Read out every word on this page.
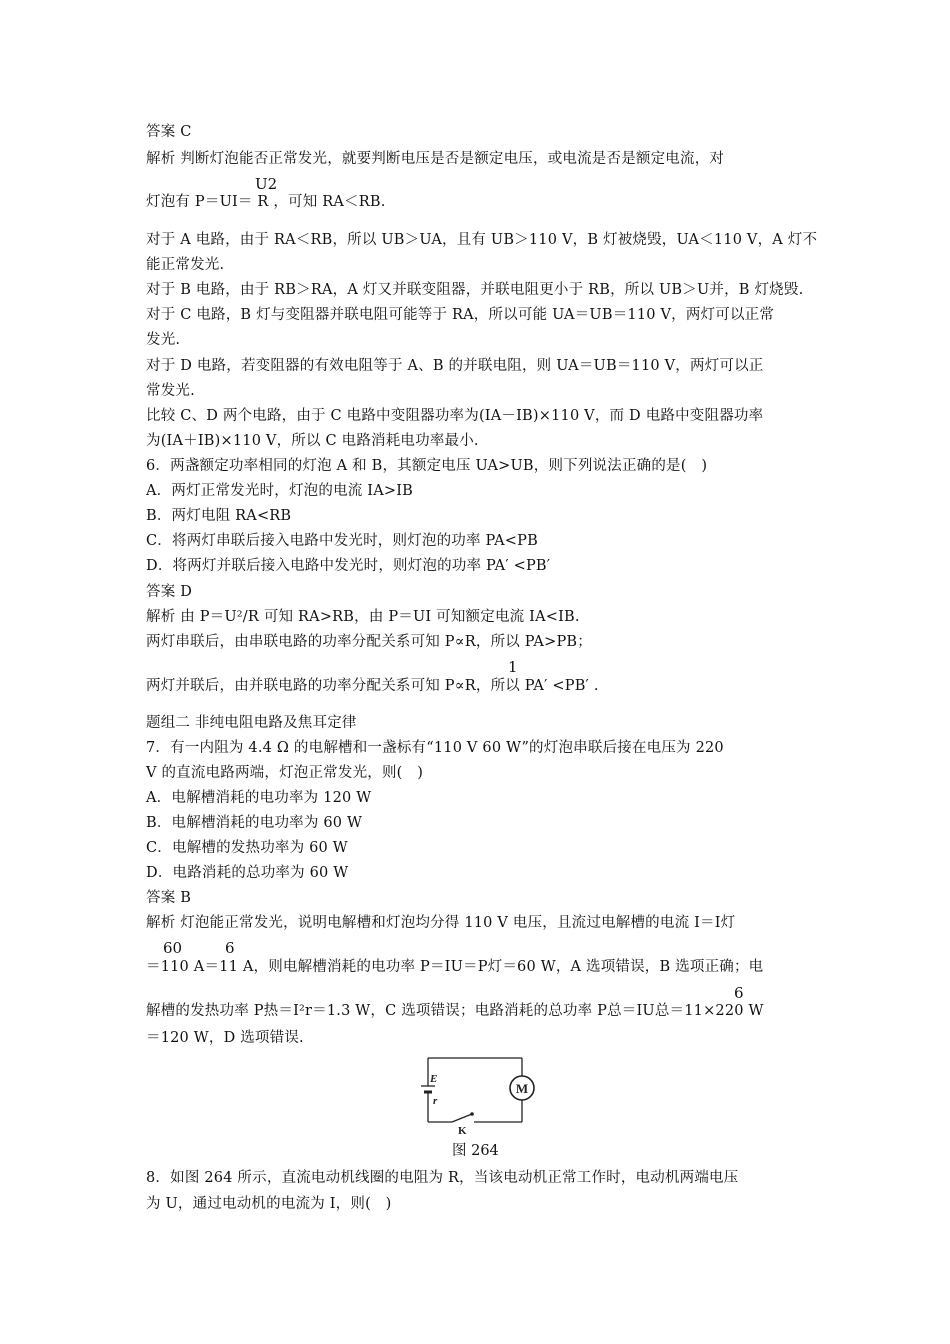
答案 C
解析 判断灯泡能否正常发光，就要判断电压是否是额定电压，或电流是否是额定电流，对
灯泡有 P＝UI＝ R ，可知 RA＜RB.
对于 A 电路，由于 RA＜RB，所以 UB＞UA，且有 UB＞110 V，B 灯被烧毁，UA＜110 V，A 灯不
能正常发光.
对于 B 电路，由于 RB＞RA，A 灯又并联变阻器，并联电阻更小于 RB，所以 UB＞U并，B 灯烧毁.
对于 C 电路，B 灯与变阻器并联电阻可能等于 RA，所以可能 UA＝UB＝110 V，两灯可以正常
发光.
对于 D 电路，若变阻器的有效电阻等于 A、B 的并联电阻，则 UA＝UB＝110 V，两灯可以正
常发光.
比较 C、D 两个电路，由于 C 电路中变阻器功率为(IA－IB)×110 V，而 D 电路中变阻器功率
为(IA＋IB)×110 V，所以 C 电路消耗电功率最小.
6．两盏额定功率相同的灯泡 A 和 B，其额定电压 UA>UB，则下列说法正确的是(　)
A．两灯正常发光时，灯泡的电流 IA>IB
B．两灯电阻 RA<RB
C．将两灯串联后接入电路中发光时，则灯泡的功率 PA<PB
D．将两灯并联后接入电路中发光时，则灯泡的功率 PA′ <PB′
答案 D
解析 由 P＝U²/R 可知 RA>RB，由 P＝UI 可知额定电流 IA<IB.
两灯串联后，由串联电路的功率分配关系可知 P∝R，所以 PA>PB；
两灯并联后，由并联电路的功率分配关系可知 P∝R，所以 PA′ <PB′ .
题组二 非纯电阻电路及焦耳定律
7．有一内阻为 4.4 Ω 的电解槽和一盏标有“110 V 60 W”的灯泡串联后接在电压为 220
V 的直流电路两端，灯泡正常发光，则(　)
A．电解槽消耗的电功率为 120 W
B．电解槽消耗的电功率为 60 W
C．电解槽的发热功率为 60 W
D．电路消耗的总功率为 60 W
答案 B
解析 灯泡能正常发光，说明电解槽和灯泡均分得 110 V 电压，且流过电解槽的电流 I＝I灯
＝110 A＝11 A，则电解槽消耗的电功率 P＝IU＝P灯＝60 W，A 选项错误，B 选项正确；电
解槽的发热功率 P热＝I²r＝1.3 W，C 选项错误；电路消耗的总功率 P总＝IU总＝11×220 W
＝120 W，D 选项错误.
8．如图 264 所示，直流电动机线圈的电阻为 R，当该电动机正常工作时，电动机两端电压
为 U，通过电动机的电流为 I，则(　)
U2
1
60	6
6
M
E
r
K
图 264
